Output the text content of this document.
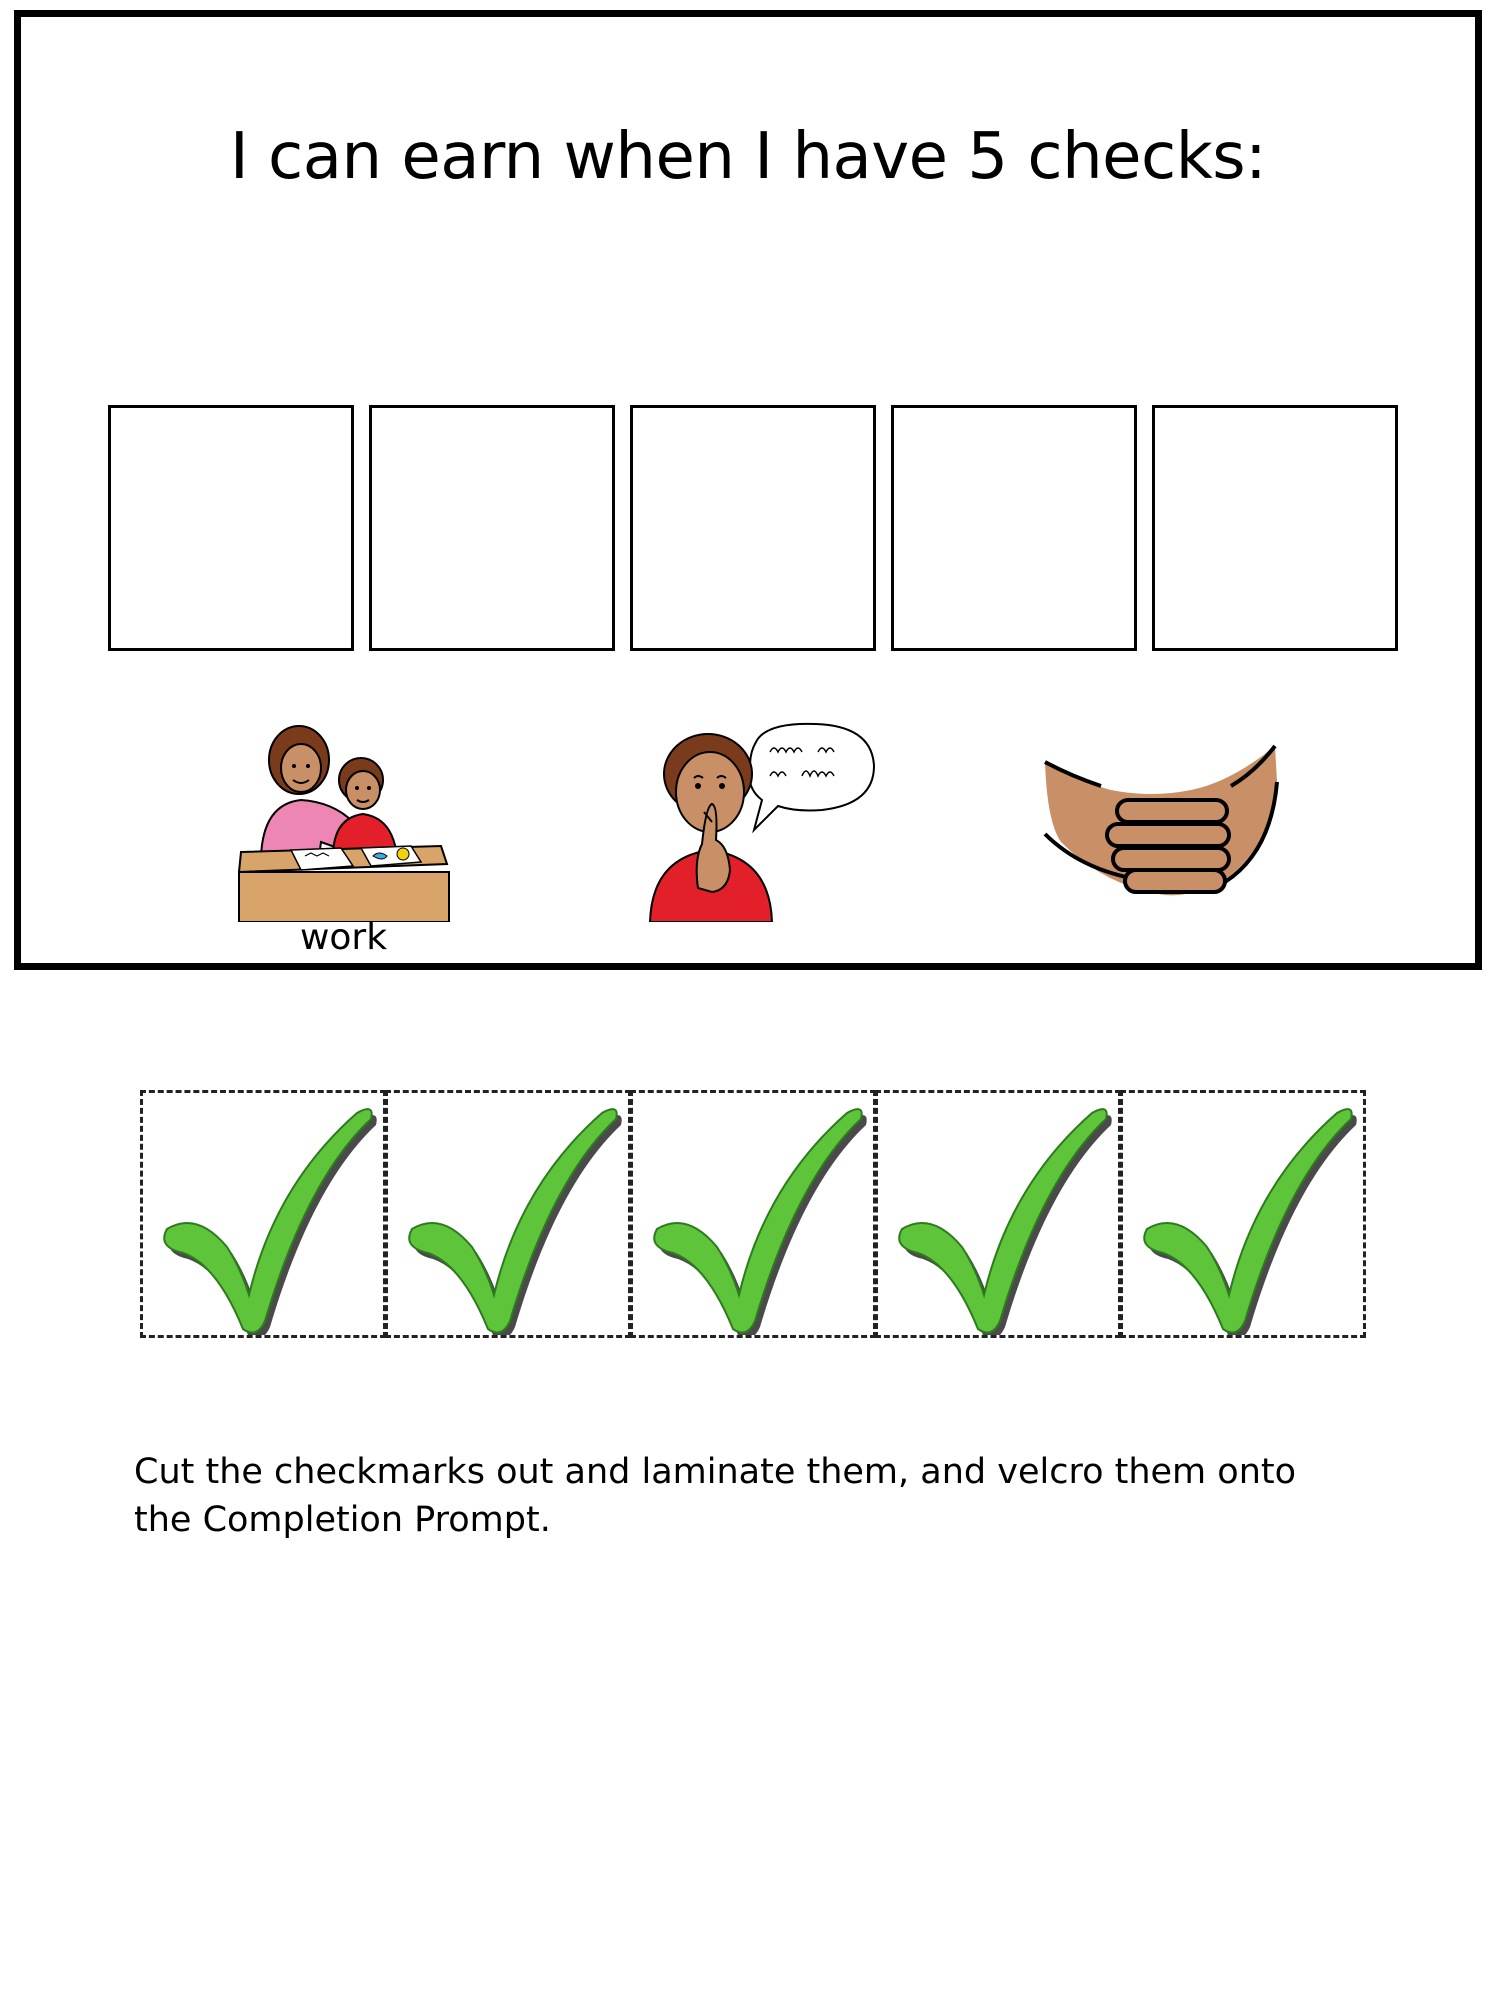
I can earn when I have 5 checks:
work

Cut the checkmarks out and laminate them, and velcro them onto the Completion Prompt.
